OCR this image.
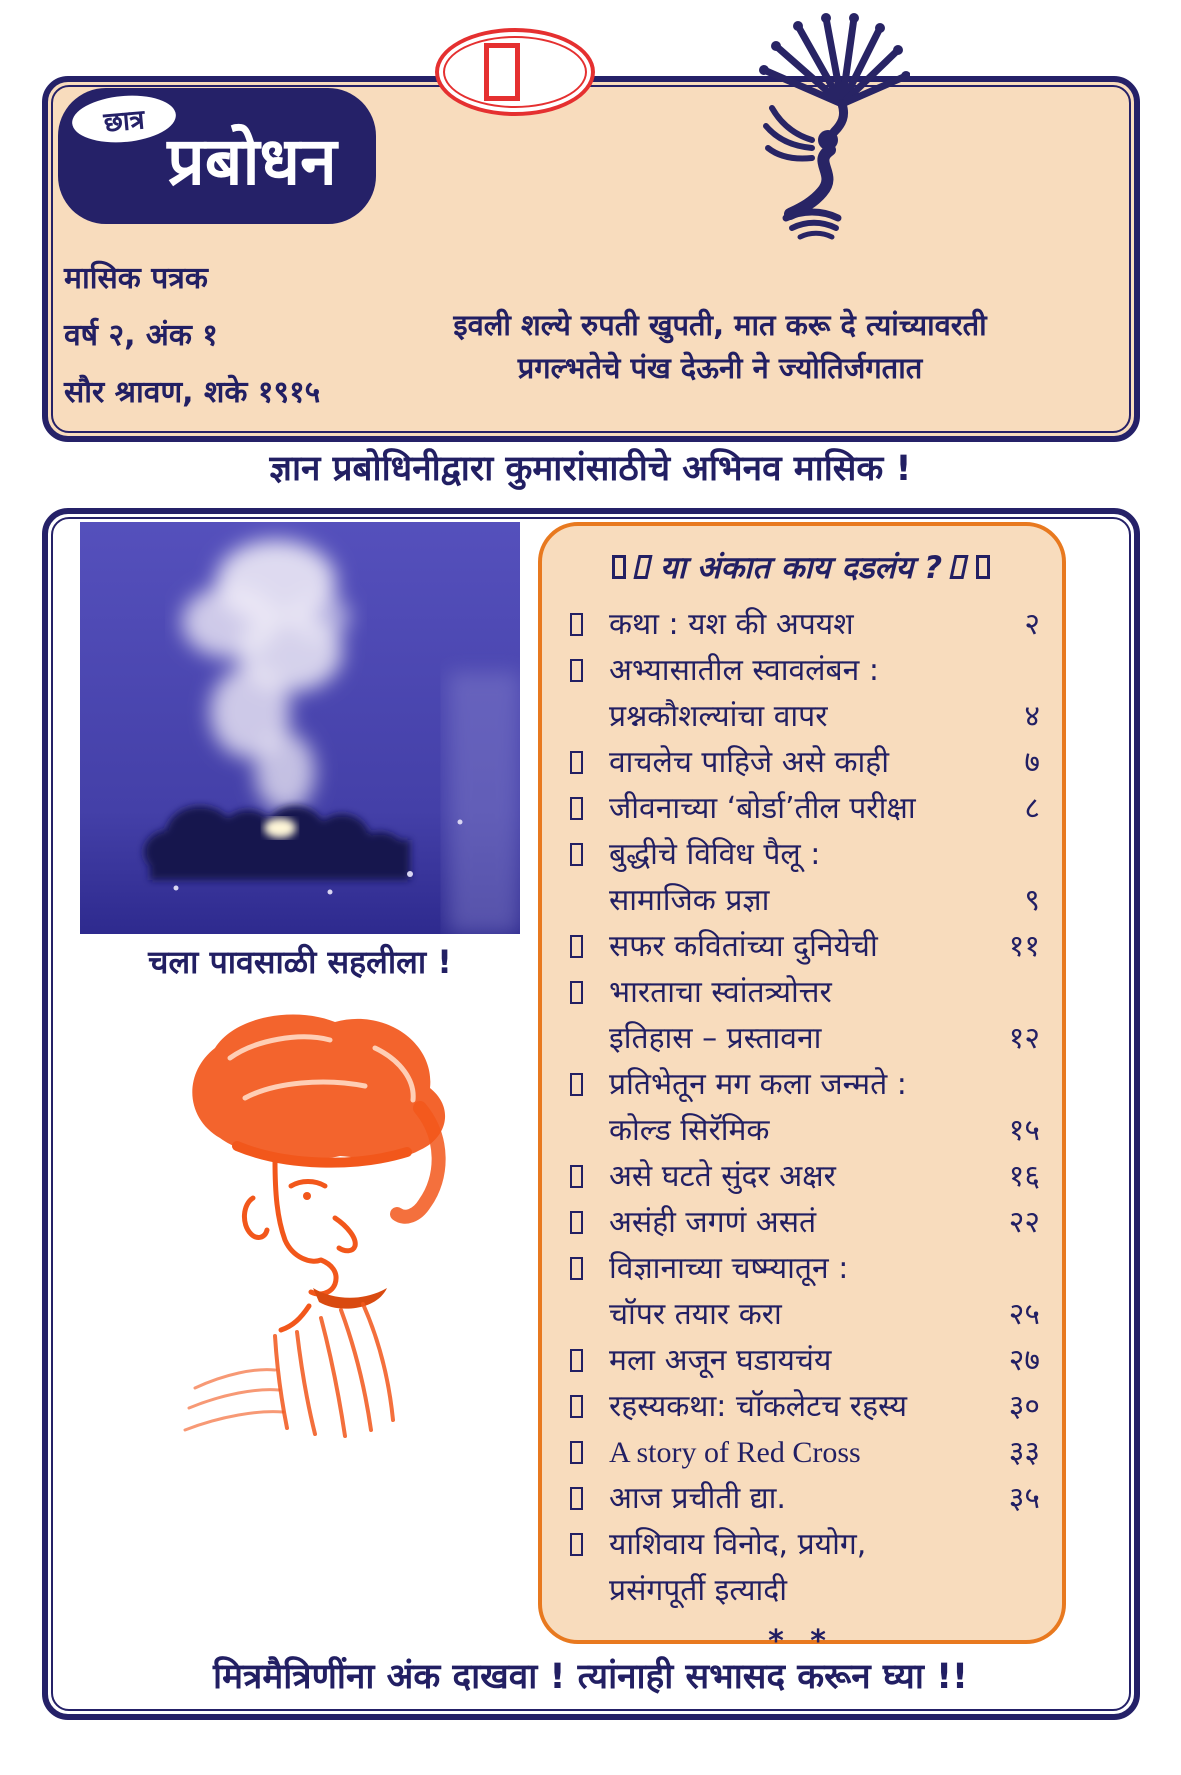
छात्र
प्रबोधन
मासिक पत्रक
वर्ष २, अंक १
सौर श्रावण, शके १९१५
इवली शल्ये रुपती खुपती, मात करू दे त्यांच्यावरती
प्रगल्भतेचे पंख देऊनी ने ज्योतिर्जगतात
ज्ञान प्रबोधिनीद्वारा कुमारांसाठीचे अभिनव मासिक !
चला पावसाळी सहलीला !
या अंकात काय दडलंय ?
कथा : यश की अपयश	२
अभ्यासातील स्वावलंबन :
प्रश्नकौशल्यांचा वापर	४
वाचलेच पाहिजे असे काही	७
जीवनाच्या ‘बोर्डा’तील परीक्षा	८
बुद्धीचे विविध पैलू :
सामाजिक प्रज्ञा	९
सफर कवितांच्या दुनियेची	११
भारताचा स्वांतत्र्योत्तर
इतिहास – प्रस्तावना	१२
प्रतिभेतून मग कला जन्मते :
कोल्ड सिरॅमिक	१५
असे घटते सुंदर अक्षर	१६
असंही जगणं असतं	२२
विज्ञानाच्या चष्म्यातून :
चॉपर तयार करा	२५
मला अजून घडायचंय	२७
रहस्यकथा: चॉकलेटच रहस्य	३०
A story of Red Cross	३३
आज प्रचीती द्या.	३५
याशिवाय विनोद, प्रयोग,
प्रसंगपूर्ती इत्यादी
* *
मित्रमैत्रिणींना अंक दाखवा ! त्यांनाही सभासद करून घ्या !!
